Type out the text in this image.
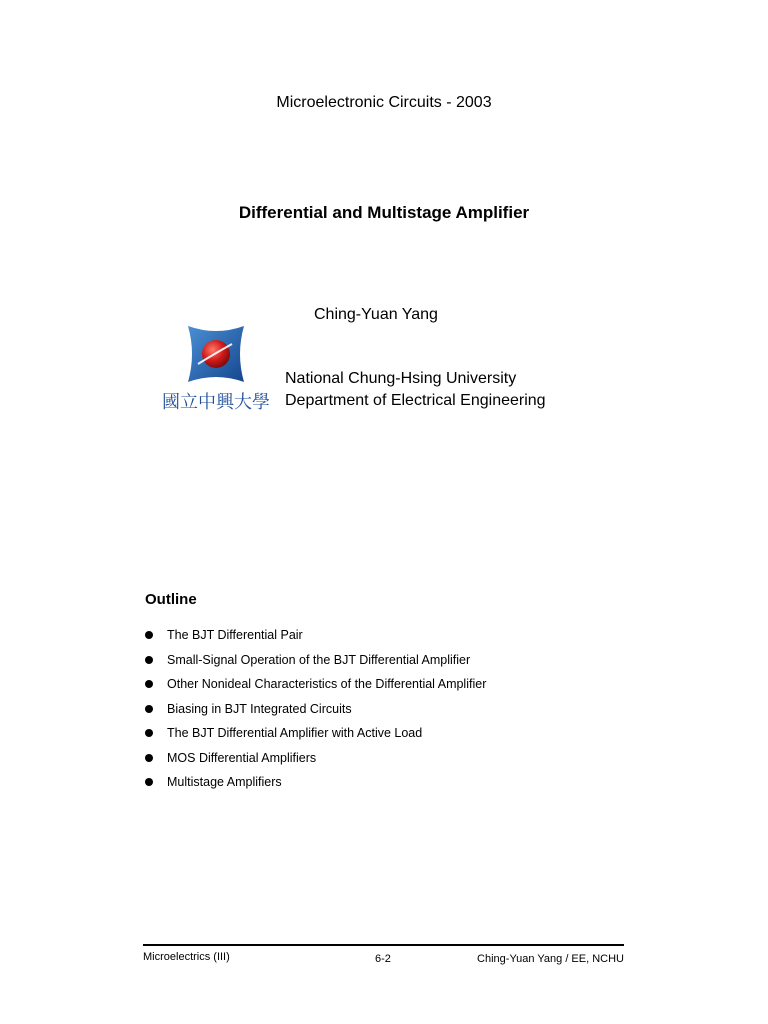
Microelectronic Circuits - 2003
Differential and Multistage Amplifier
Ching-Yuan Yang
國立中興大學
National Chung-Hsing University
Department of Electrical Engineering
Outline
The BJT Differential Pair
Small-Signal Operation of the BJT Differential Amplifier
Other Nonideal Characteristics of the Differential Amplifier
Biasing in BJT Integrated Circuits
The BJT Differential Amplifier with Active Load
MOS Differential Amplifiers
Multistage Amplifiers
Microelectrics (III)	6-2	Ching-Yuan Yang / EE, NCHU
